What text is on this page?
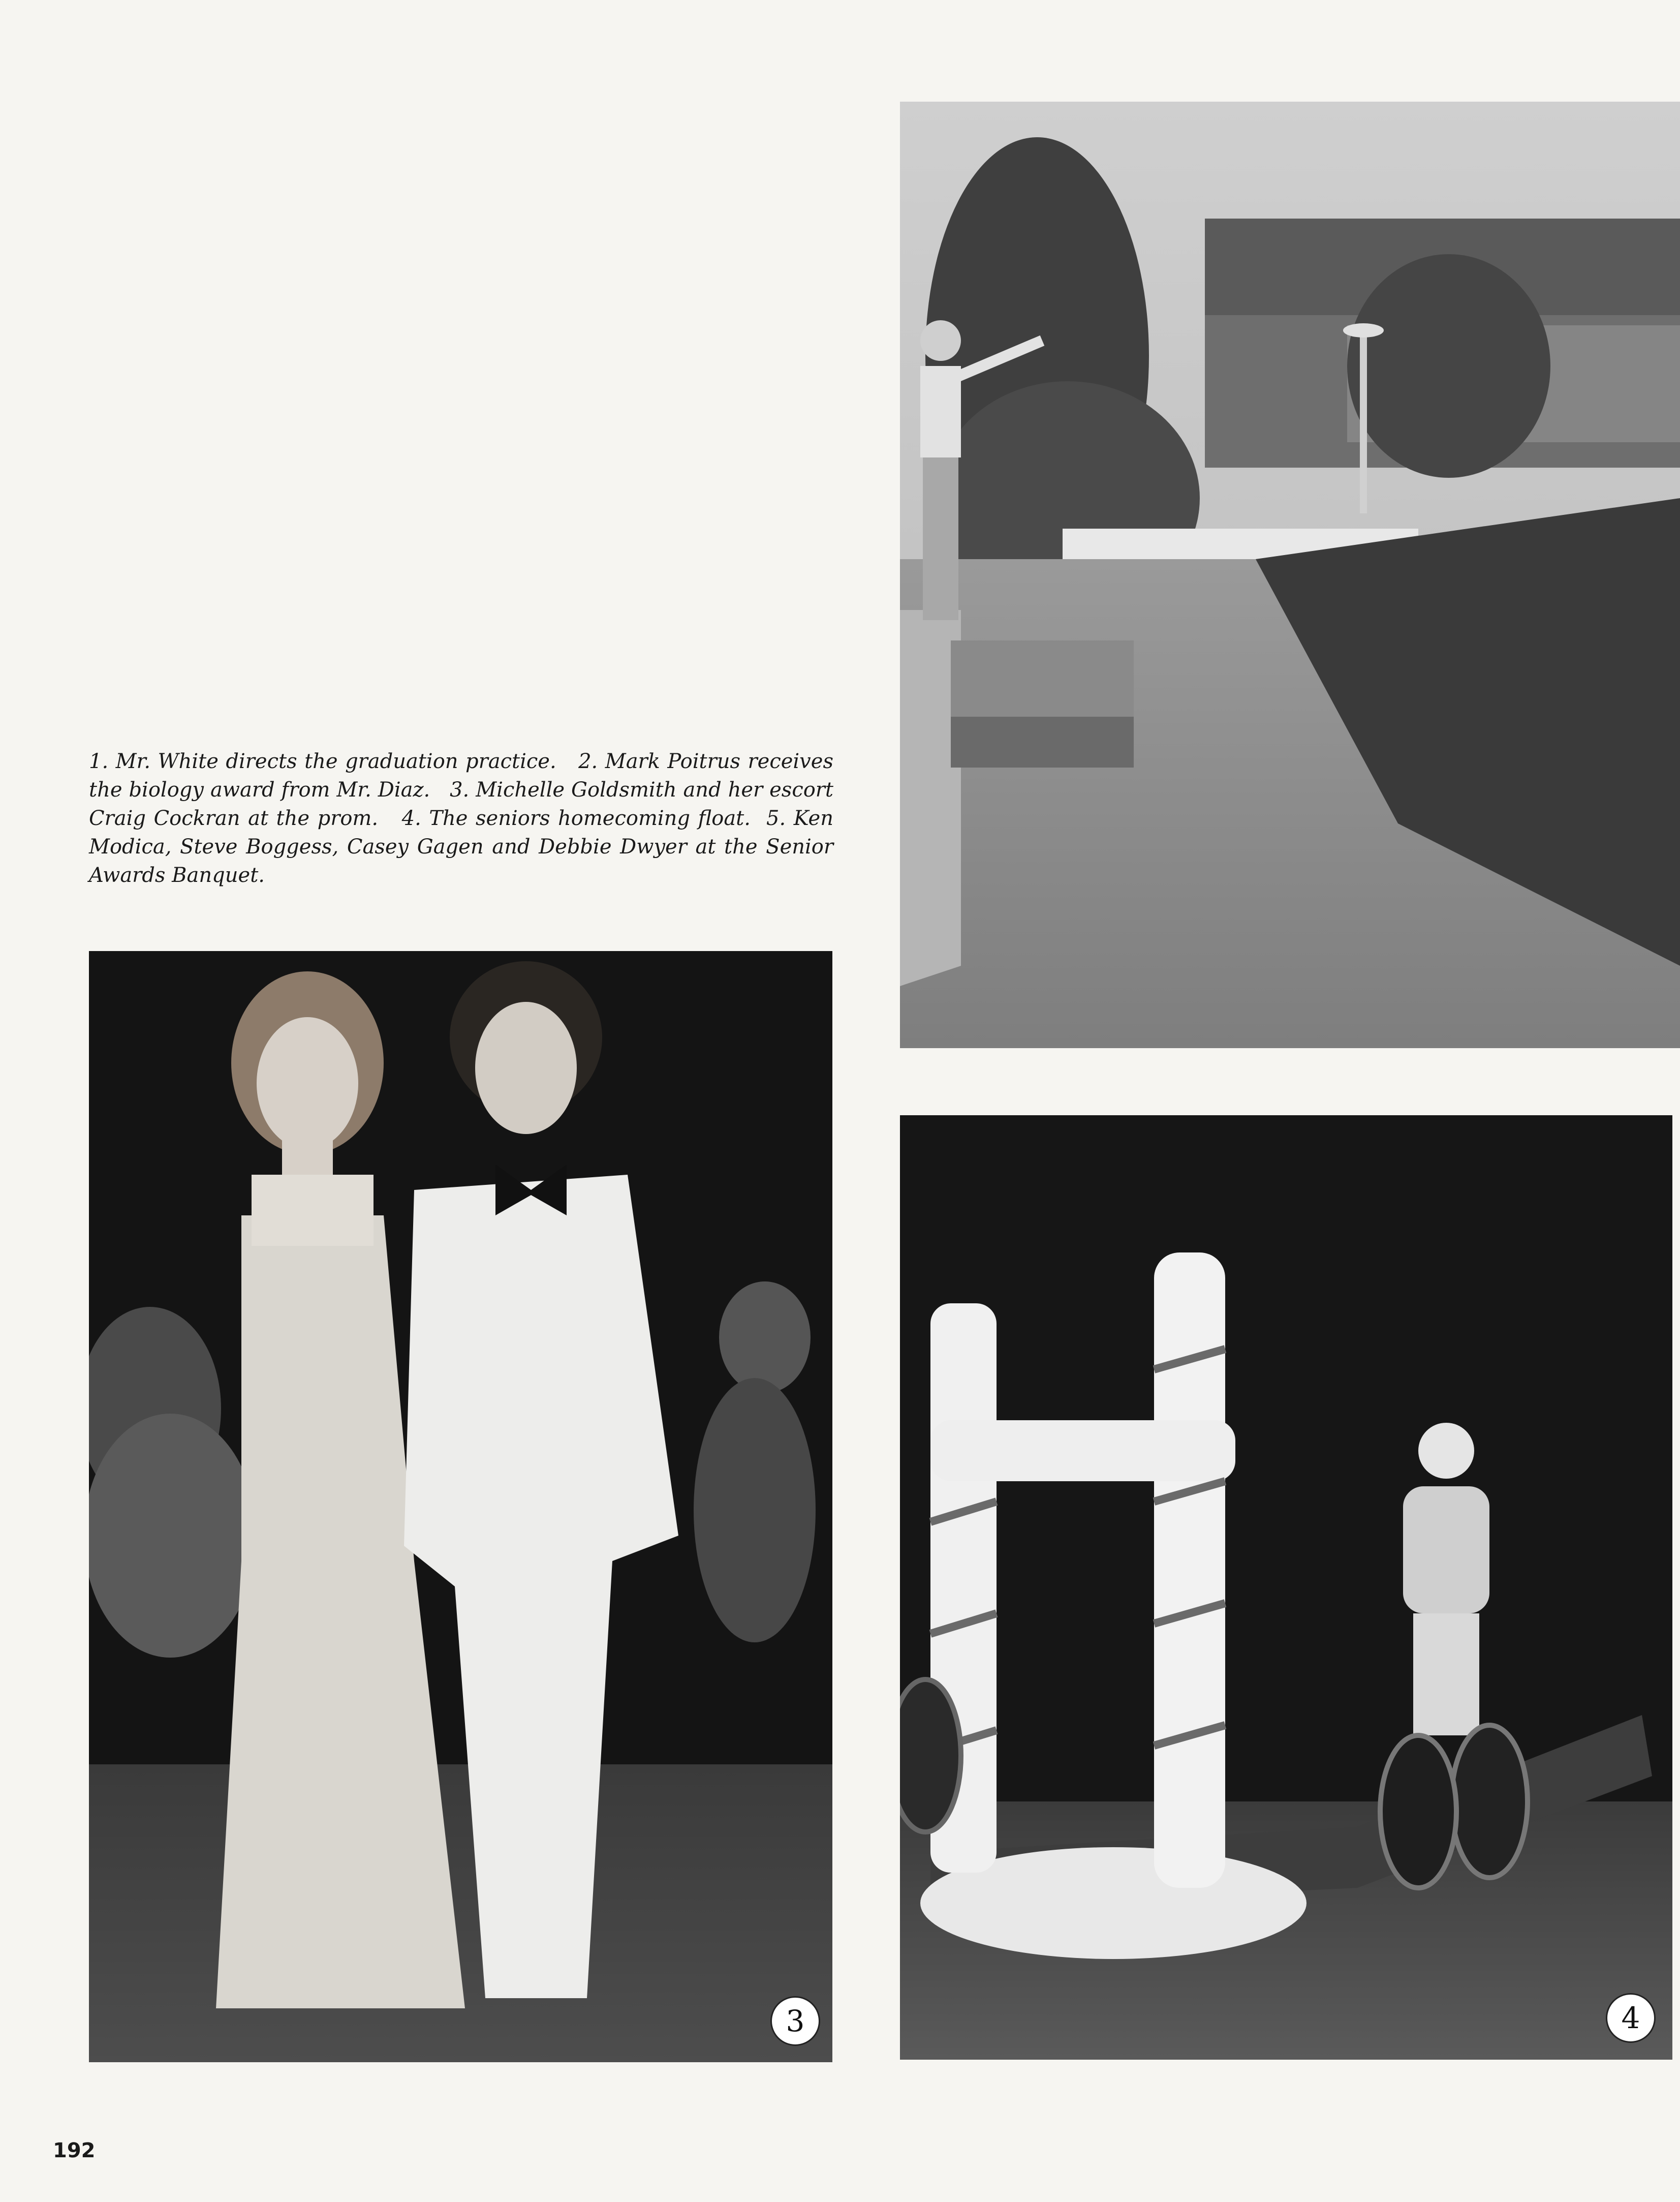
1. Mr. White directs the graduation practice. 2. Mark Poitrus receives the biology award from Mr. Diaz. 3. Michelle Goldsmith and her escort Craig Cockran at the prom. 4. The seniors homecoming float. 5. Ken Modica, Steve Boggess, Casey Gagen and Debbie Dwyer at the Senior Awards Banquet.
3	4
192
